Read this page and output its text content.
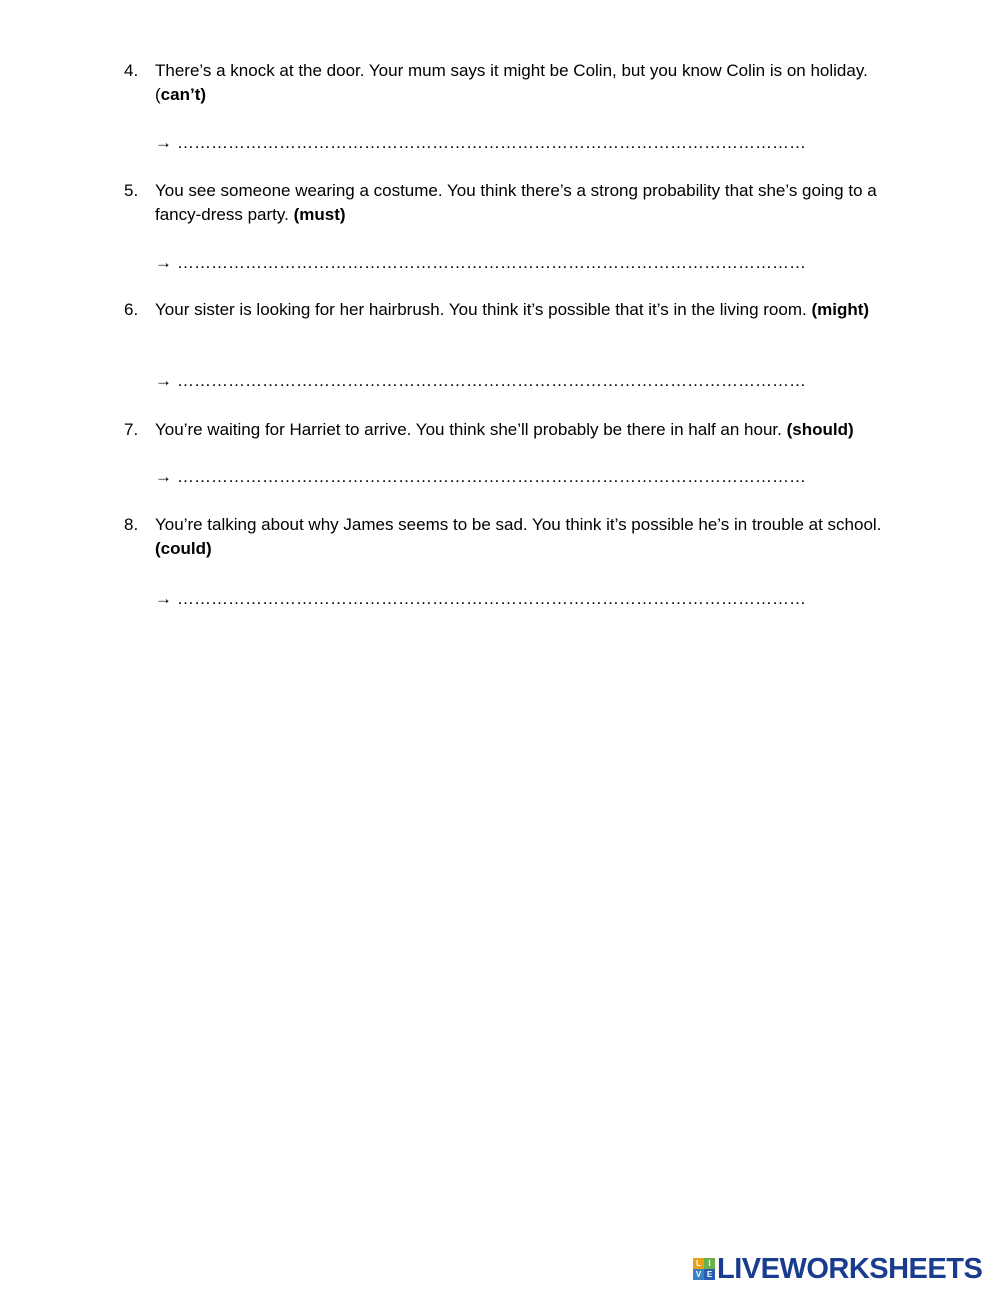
4. There’s a knock at the door. Your mum says it might be Colin, but you know Colin is on holiday. (can’t)
→ …………………………………………………………………………………………………
5. You see someone wearing a costume. You think there’s a strong probability that she’s going to a fancy-dress party. (must)
→ …………………………………………………………………………………………………
6. Your sister is looking for her hairbrush. You think it’s possible that it’s in the living room. (might)
→ …………………………………………………………………………………………………
7. You’re waiting for Harriet to arrive. You think she’ll probably be there in half an hour. (should)
→ …………………………………………………………………………………………………
8. You’re talking about why James seems to be sad. You think it’s possible he’s in trouble at school. (could)
→ …………………………………………………………………………………………………
L I
V E LIVEWORKSHEETS
